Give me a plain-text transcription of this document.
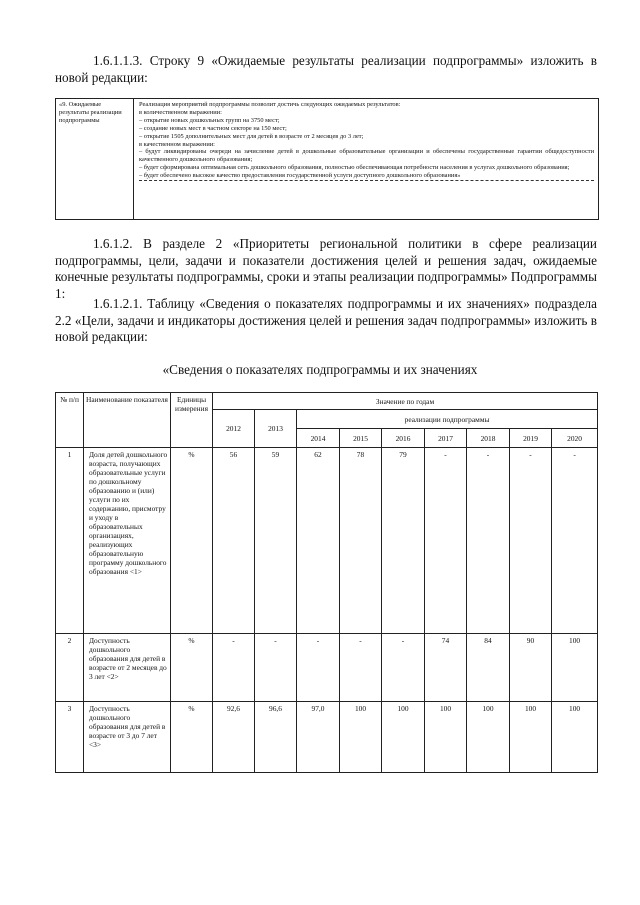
1.6.1.1.3. Строку 9 «Ожидаемые результаты реализации подпрограммы» изложить в новой редакции:
«9. Ожидаемые результаты реализации подпрограммы
Реализация мероприятий подпрограммы позволит достичь следующих ожидаемых результатов:
в количественном выражении:
– открытие новых дошкольных групп на 3750 мест;
– создание новых мест в частном секторе на 150 мест;
– открытие 1505 дополнительных мест для детей в возрасте от 2 месяцев до 3 лет;
в качественном выражении:
– будут ликвидированы очереди на зачисление детей в дошкольные образовательные организации и обеспечены государственные гарантии общедоступности качественного дошкольного образования;
– будет сформирована оптимальная сеть дошкольного образования, полностью обеспечивающая потребности населения в услугах дошкольного образования;
– будет обеспечено высокое качество предоставления государственной услуги доступного дошкольного образования»
1.6.1.2. В разделе 2 «Приоритеты региональной политики в сфере реализации подпрограммы, цели, задачи и показатели достижения целей и решения задач, ожидаемые конечные результаты подпрограммы, сроки и этапы реализации подпрограммы» Подпрограммы 1:
1.6.1.2.1. Таблицу «Сведения о показателях подпрограммы и их значениях» подраздела 2.2 «Цели, задачи и индикаторы достижения целей и решения задач подпрограммы» изложить в новой редакции:
«Сведения о показателях подпрограммы и их значениях
№ п/п	Наименование показателя	Единицы измерения	Значение по годам								
			2012	2013	реализации подпрограммы						
					2014	2015	2016	2017	2018	2019	2020
1	Доля детей дошкольного возраста, получающих образовательные услуги по дошкольному образованию и (или) услуги по их содержанию, присмотру и уходу в образовательных организациях, реализующих образовательную программу дошкольного образования <1>	%	56	59	62	78	79	-	-	-	-
2	Доступность дошкольного образования для детей в возрасте от 2 месяцев до 3 лет <2>	%	-	-	-	-	-	74	84	90	100
3	Доступность дошкольного образования для детей в возрасте от 3 до 7 лет <3>	%	92,6	96,6	97,0	100	100	100	100	100	100
